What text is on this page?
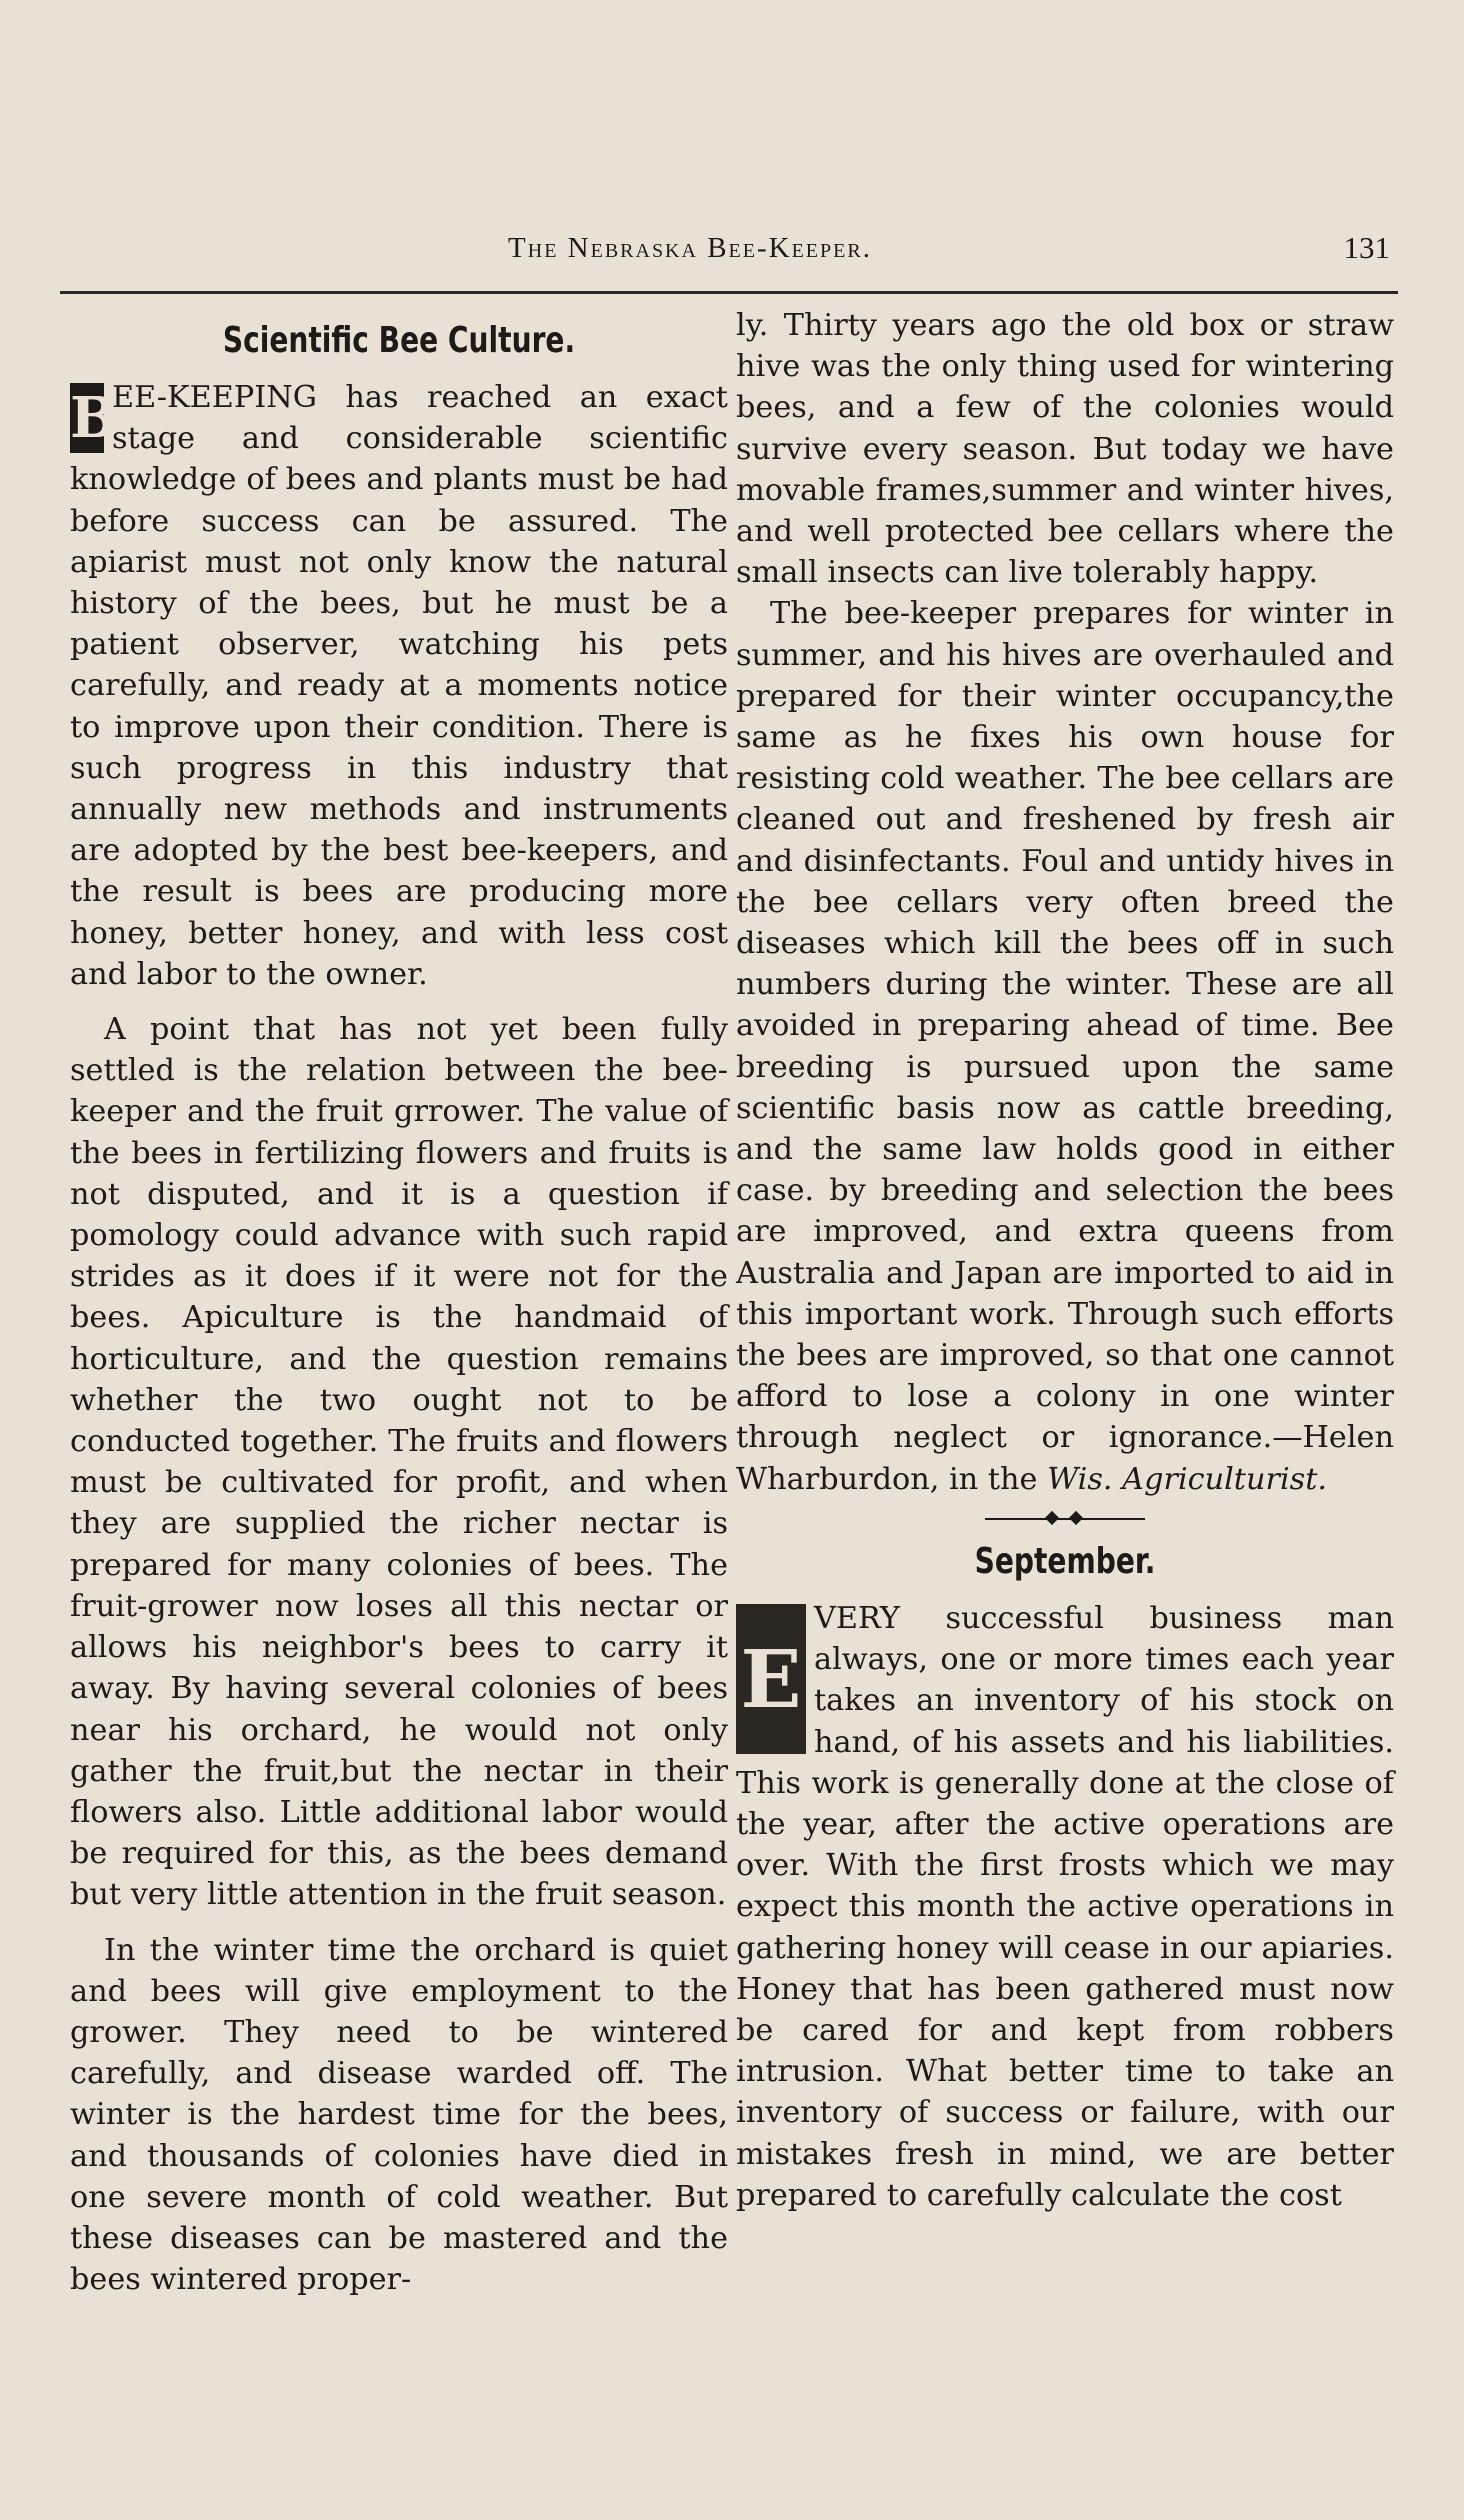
The Nebraska Bee-Keeper.	131
Scientific Bee Culture.

B
EE-KEEPING has reached an exact stage and considerable scientific knowledge of bees and plants must be had before success can be assured. The apiarist must not only know the natural history of the bees, but he must be a patient observer, watching his pets carefully, and ready at a moments notice to improve upon their condition. There is such progress in this industry that annually new methods and instruments are adopted by the best bee-keepers, and the result is bees are producing more honey, better honey, and with less cost and labor to the owner.

A point that has not yet been fully settled is the relation between the bee-keeper and the fruit grrower. The value of the bees in fertilizing flowers and fruits is not disputed, and it is a question if pomology could advance with such rapid strides as it does if it were not for the bees. Apiculture is the handmaid of horticulture, and the question remains whether the two ought not to be conducted together. The fruits and flowers must be cultivated for profit, and when they are supplied the richer nectar is prepared for many colonies of bees. The fruit-grower now loses all this nectar or allows his neighbor's bees to carry it away. By having several colonies of bees near his orchard, he would not only gather the fruit,but the nectar in their flowers also. Little additional labor would be required for this, as the bees demand but very little attention in the fruit season.

In the winter time the orchard is quiet and bees will give employment to the grower. They need to be wintered carefully, and disease warded off. The winter is the hardest time for the bees, and thousands of colonies have died in one severe month of cold weather. But these diseases can be mastered and the bees wintered proper-

ly. Thirty years ago the old box or straw hive was the only thing used for wintering bees, and a few of the colonies would survive every season. But today we have movable frames,summer and winter hives, and well protected bee cellars where the small insects can live tolerably happy.

The bee-keeper prepares for winter in summer, and his hives are overhauled and prepared for their winter occupancy,the same as he fixes his own house for resisting cold weather. The bee cellars are cleaned out and freshened by fresh air and disinfectants. Foul and untidy hives in the bee cellars very often breed the diseases which kill the bees off in such numbers during the winter. These are all avoided in preparing ahead of time. Bee breeding is pursued upon the same scientific basis now as cattle breeding, and the same law holds good in either case. by breeding and selection the bees are improved, and extra queens from Australia and Japan are imported to aid in this important work. Through such efforts the bees are improved, so that one cannot afford to lose a colony in one winter through neglect or ignorance.—Helen Wharburdon, in the Wis. Agriculturist.

September.

E
VERY successful business man always, one or more times each year takes an inventory of his stock on hand, of his assets and his liabilities. This work is generally done at the close of the year, after the active operations are over. With the first frosts which we may expect this month the active operations in gathering honey will cease in our apiaries. Honey that has been gathered must now be cared for and kept from robbers intrusion. What better time to take an inventory of success or failure, with our mistakes fresh in mind, we are better prepared to carefully calculate the cost
